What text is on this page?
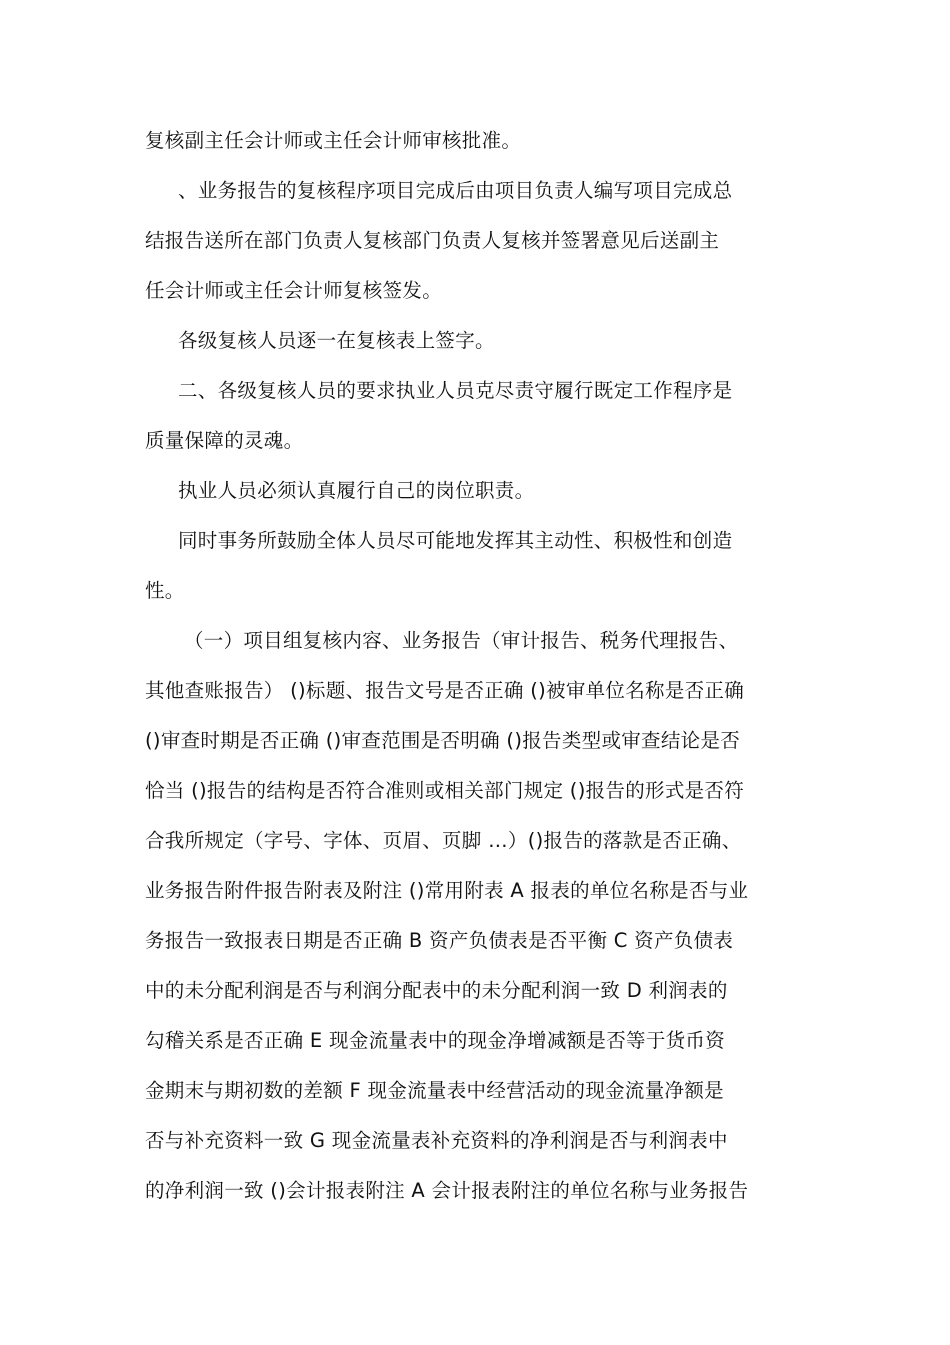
复核副主任会计师或主任会计师审核批准。
、业务报告的复核程序项目完成后由项目负责人编写项目完成总
结报告送所在部门负责人复核部门负责人复核并签署意见后送副主
任会计师或主任会计师复核签发。
各级复核人员逐一在复核表上签字。
二、各级复核人员的要求执业人员克尽责守履行既定工作程序是
质量保障的灵魂。
执业人员必须认真履行自己的岗位职责。
同时事务所鼓励全体人员尽可能地发挥其主动性、积极性和创造
性。
（一）项目组复核内容、业务报告（审计报告、税务代理报告、
其他查账报告） ()标题、报告文号是否正确 ()被审单位名称是否正确
()审查时期是否正确 ()审查范围是否明确 ()报告类型或审查结论是否
恰当 ()报告的结构是否符合准则或相关部门规定 ()报告的形式是否符
合我所规定（字号、字体、页眉、页脚 …）()报告的落款是否正确、
业务报告附件报告附表及附注 ()常用附表 A 报表的单位名称是否与业
务报告一致报表日期是否正确 B 资产负债表是否平衡 C 资产负债表
中的未分配利润是否与利润分配表中的未分配利润一致 D 利润表的
勾稽关系是否正确 E 现金流量表中的现金净增减额是否等于货币资
金期末与期初数的差额 F 现金流量表中经营活动的现金流量净额是
否与补充资料一致 G 现金流量表补充资料的净利润是否与利润表中
的净利润一致 ()会计报表附注 A 会计报表附注的单位名称与业务报告
